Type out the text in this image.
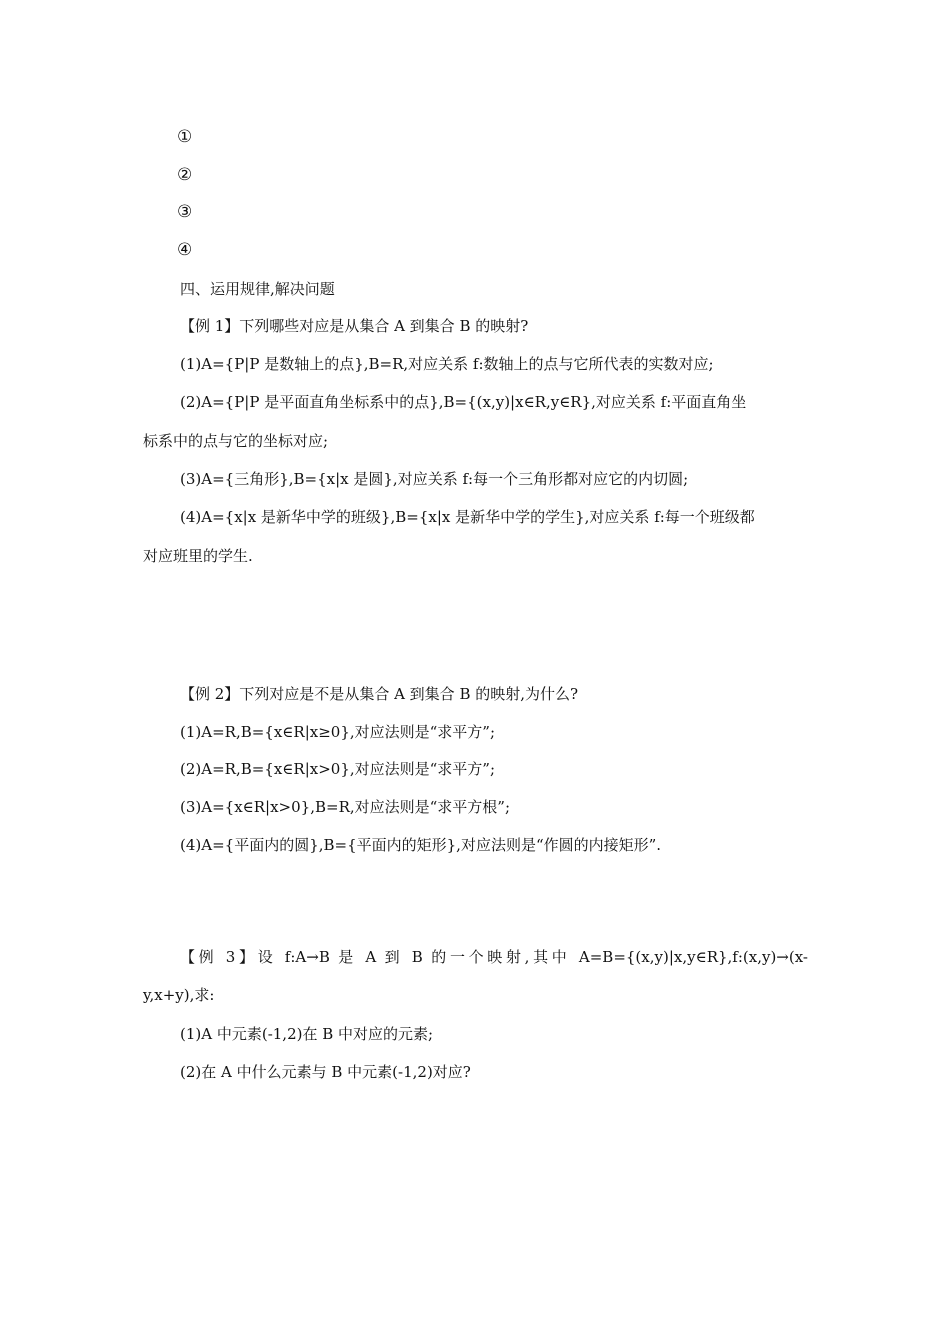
①
②
③
④
四、运用规律,解决问题
【例 1】下列哪些对应是从集合 A 到集合 B 的映射?
(1)A={P|P 是数轴上的点},B=R,对应关系 f:数轴上的点与它所代表的实数对应;
(2)A={P|P 是平面直角坐标系中的点},B={(x,y)|x∈R,y∈R},对应关系 f:平面直角坐
标系中的点与它的坐标对应;
(3)A={三角形},B={x|x 是圆},对应关系 f:每一个三角形都对应它的内切圆;
(4)A={x|x 是新华中学的班级},B={x|x 是新华中学的学生},对应关系 f:每一个班级都
对应班里的学生.
【例 2】下列对应是不是从集合 A 到集合 B 的映射,为什么?
(1)A=R,B={x∈R|x≥0},对应法则是“求平方”;
(2)A=R,B={x∈R|x>0},对应法则是“求平方”;
(3)A={x∈R|x>0},B=R,对应法则是“求平方根”;
(4)A={平面内的圆},B={平面内的矩形},对应法则是“作圆的内接矩形”.
【例 3】设 f:A→B 是 A 到 B 的一个映射,其中 A=B={(x,y)|x,y∈R},f:(x,y)→(x-
y,x+y),求:
(1)A 中元素(-1,2)在 B 中对应的元素;
(2)在 A 中什么元素与 B 中元素(-1,2)对应?
